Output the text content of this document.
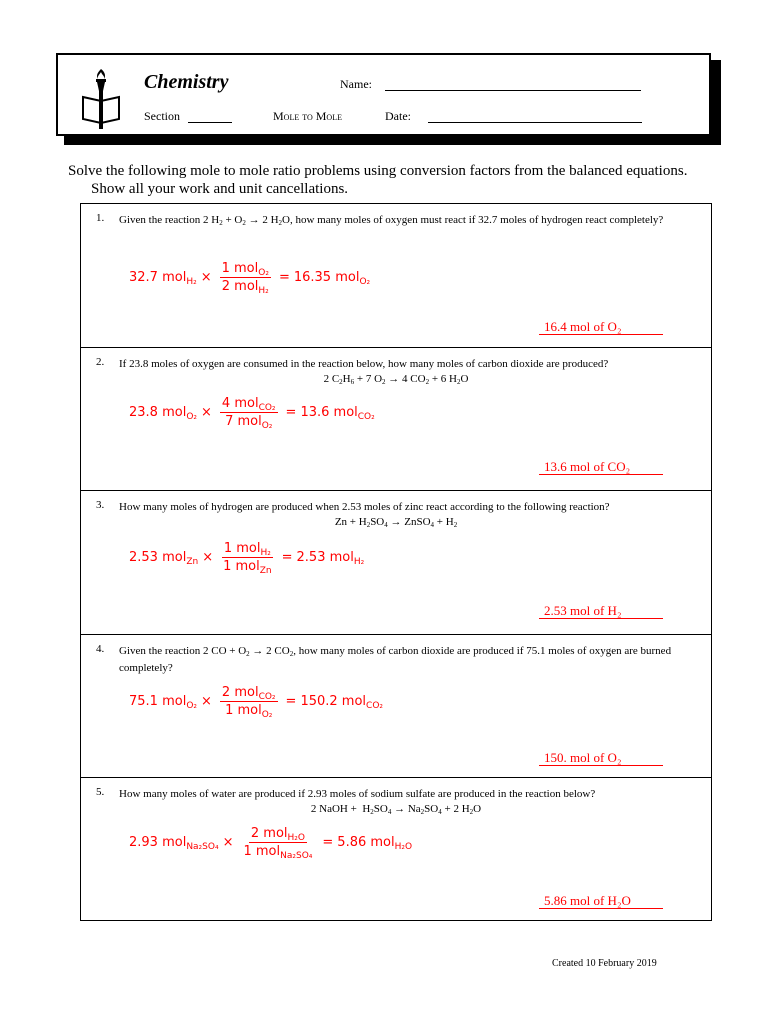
Chemistry	Name:
Section	Mole to Mole	Date:
Solve the following mole to mole ratio problems using conversion factors from the balanced equations.
Show all your work and unit cancellations.
1. Given the reaction 2 $H_2 + O_2 \to 2$ $H_2O$, how many moles of oxygen must react if 32.7 moles of hydrogen react completely?
32.7 $mol_{H_2} \times \frac{1 mol_{O_2}}{2 mol_{H_2}} = 16.35$ mol$_{O_2}$
16.4 mol of O₂
2. If 23.8 moles of oxygen are consumed in the reaction below, how many moles of carbon dioxide are produced?
2 $C_2H_6 + 7$ $O_2 \to 4$ $CO_2 + 6$ $H_2O$
23.8 $mol_{O_2} \times \frac{4 mol_{CO_2}}{7 mol_{O_2}} = 13.6$ mol$_{CO_2}$
13.6 mol of CO₂
3. How many moles of hydrogen are produced when 2.53 moles of zinc react according to the following reaction?
$Zn + H_2SO_4$ → ZnSO$_4$ + $H_2$
2.53 $mol_{Zn} \times \frac{1 mol_{H_2}}{1 mol_{Zn}} = 2.53$ mol$_{H_2}$
2.53 mol of H₂
4. Given the reaction 2 CO + $O_2 \to 2$ $CO_2$, how many moles of carbon dioxide are produced if 75.1 moles of oxygen are burned completely?
75.1 $mol_{O_2} \times \frac{2 mol_{CO_2}}{1 mol_{O_2}} = 150.2$ mol$_{CO_2}$
150. mol of O₂
5. How many moles of water are produced if 2.93 moles of sodium sulfate are produced in the reaction below?
2 NaOH +  $H_2SO_4 \to Na_2SO_4 + 2$ $H_2O$
2.93 $mol_{Na_2SO_4} \times \frac{2 mol_{H_2O}}{1 mol_{Na_2SO_4}} = 5.86$ mol$_{H_2O}$
5.86 mol of H₂O
Created 10 February 2019
